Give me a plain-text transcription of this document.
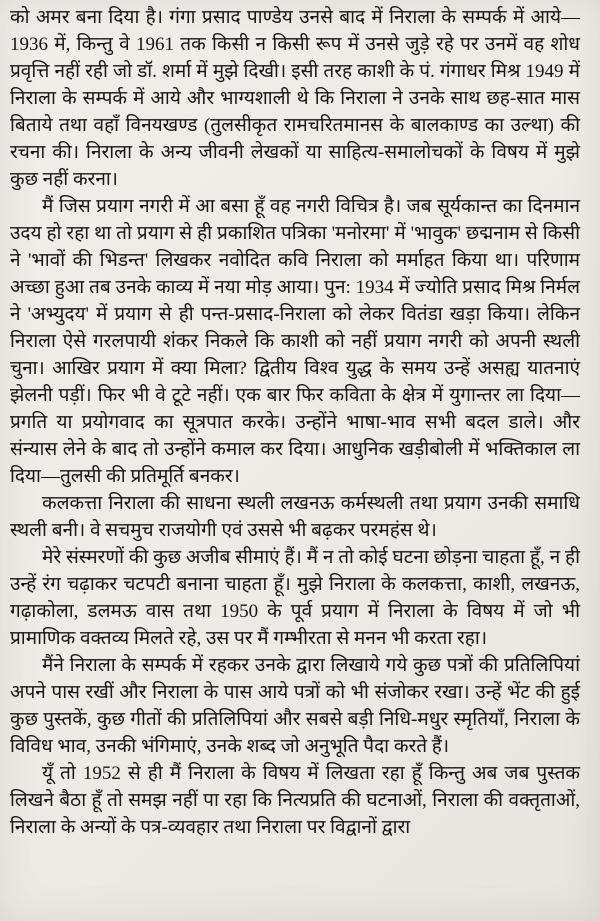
को अमर बना दिया है। गंगा प्रसाद पाण्डेय उनसे बाद में निराला के सम्पर्क में आये—1936 में, किन्तु वे 1961 तक किसी न किसी रूप में उनसे जुड़े रहे पर उनमें वह शोध प्रवृत्ति नहीं रही जो डॉ. शर्मा में मुझे दिखी। इसी तरह काशी के पं. गंगाधर मिश्र 1949 में निराला के सम्पर्क में आये और भाग्यशाली थे कि निराला ने उनके साथ छह-सात मास बिताये तथा वहाँ विनयखण्ड (तुलसीकृत रामचरितमानस के बालकाण्ड का उल्था) की रचना की। निराला के अन्य जीवनी लेखकों या साहित्य-समालोचकों के विषय में मुझे कुछ नहीं करना।

मैं जिस प्रयाग नगरी में आ बसा हूँ वह नगरी विचित्र है। जब सूर्यकान्त का दिनमान उदय हो रहा था तो प्रयाग से ही प्रकाशित पत्रिका 'मनोरमा' में 'भावुक' छद्मनाम से किसी ने 'भावों की भिडन्त' लिखकर नवोदित कवि निराला को मर्माहत किया था। परिणाम अच्छा हुआ तब उनके काव्य में नया मोड़ आया। पुन: 1934 में ज्योति प्रसाद मिश्र निर्मल ने 'अभ्युदय' में प्रयाग से ही पन्त-प्रसाद-निराला को लेकर वितंडा खड़ा किया। लेकिन निराला ऐसे गरलपायी शंकर निकले कि काशी को नहीं प्रयाग नगरी को अपनी स्थली चुना। आखिर प्रयाग में क्या मिला? द्वितीय विश्व युद्ध के समय उन्हें असह्य यातनाएं झेलनी पड़ीं। फिर भी वे टूटे नहीं। एक बार फिर कविता के क्षेत्र में युगान्तर ला दिया—प्रगति या प्रयोगवाद का सूत्रपात करके। उन्होंने भाषा-भाव सभी बदल डाले। और संन्यास लेने के बाद तो उन्होंने कमाल कर दिया। आधुनिक खड़ीबोली में भक्तिकाल ला दिया—तुलसी की प्रतिमूर्ति बनकर।

कलकत्ता निराला की साधना स्थली लखनऊ कर्मस्थली तथा प्रयाग उनकी समाधि स्थली बनी। वे सचमुच राजयोगी एवं उससे भी बढ़कर परमहंस थे।

मेरे संस्मरणों की कुछ अजीब सीमाएं हैं। मैं न तो कोई घटना छोड़ना चाहता हूँ, न ही उन्हें रंग चढ़ाकर चटपटी बनाना चाहता हूँ। मुझे निराला के कलकत्ता, काशी, लखनऊ, गढ़ाकोला, डलमऊ वास तथा 1950 के पूर्व प्रयाग में निराला के विषय में जो भी प्रामाणिक वक्तव्य मिलते रहे, उस पर मैं गम्भीरता से मनन भी करता रहा।

मैंने निराला के सम्पर्क में रहकर उनके द्वारा लिखाये गये कुछ पत्रों की प्रतिलिपियां अपने पास रखीं और निराला के पास आये पत्रों को भी संजोकर रखा। उन्हें भेंट की हुई कुछ पुस्तकें, कुछ गीतों की प्रतिलिपियां और सबसे बड़ी निधि-मधुर स्मृतियाँ, निराला के विविध भाव, उनकी भंगिमाएं, उनके शब्द जो अनुभूति पैदा करते हैं।

यूँ तो 1952 से ही मैं निराला के विषय में लिखता रहा हूँ किन्तु अब जब पुस्तक लिखने बैठा हूँ तो समझ नहीं पा रहा कि नित्यप्रति की घटनाओं, निराला की वक्तृताओं, निराला के अन्यों के पत्र-व्यवहार तथा निराला पर विद्वानों द्वारा
